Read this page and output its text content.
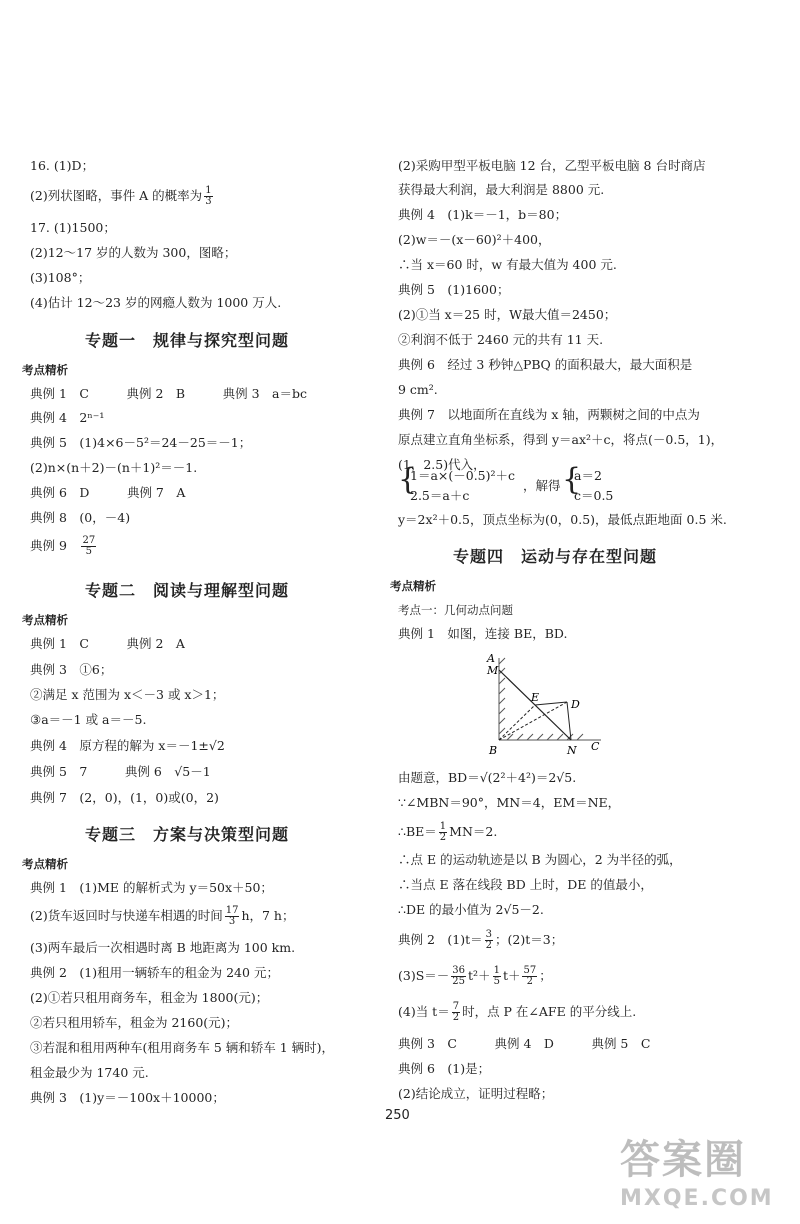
16. (1)D；
(2)列状图略，事件 A 的概率为 $\frac{1}{3}$
17. (1)1500；
(2)12～17 岁的人数为 300，图略；
(3)108°；
(4)估计 12～23 岁的网瘾人数为 1000 万人.
专题一　规律与探究型问题
考点精析
典例 1　C　　　典例 2　B　　　典例 3　a＝bc
典例 4　2ⁿ⁻¹
典例 5　(1)4×6－5²＝24－25＝－1；
(2)n×(n＋2)－(n＋1)²＝－1.
典例 6　D　　　典例 7　A
典例 8　(0，－4)
典例 9　 $\frac{27}{5}$
专题二　阅读与理解型问题
考点精析
典例 1　C　　　典例 2　A
典例 3　①6；
②满足 x 范围为 x＜－3 或 x＞1；
③a＝－1 或 a＝－5.
典例 4　原方程的解为 x＝－1±√2
典例 5　7　　　典例 6　√5－1
典例 7　(2，0)，(1，0)或(0，2)
专题三　方案与决策型问题
考点精析
典例 1　(1)ME 的解析式为 y＝50x＋50；
(2)货车返回时与快递车相遇的时间 $\frac{17}{3}$ h，7 h；
(3)两车最后一次相遇时离 B 地距离为 100 km.
典例 2　(1)租用一辆轿车的租金为 240 元；
(2)①若只租用商务车，租金为 1800(元)；
②若只租用轿车，租金为 2160(元)；
③若混和租用两种车(租用商务车 5 辆和轿车 1 辆时)，
租金最少为 1740 元.
典例 3　(1)y＝－100x＋10000；
(2)采购甲型平板电脑 12 台，乙型平板电脑 8 台时商店
获得最大利润，最大利润是 8800 元.
典例 4　(1)k＝－1，b＝80；
(2)w＝－(x－60)²＋400，
∴当 x＝60 时，w 有最大值为 400 元.
典例 5　(1)1600；
(2)①当 x＝25 时，W最大值＝2450；
②利润不低于 2460 元的共有 11 天.
典例 6　经过 3 秒钟△PBQ 的面积最大，最大面积是
9 cm².
典例 7　以地面所在直线为 x 轴，两颗树之间的中点为
原点建立直角坐标系，得到 y＝ax²＋c，将点(－0.5，1)，
(1，2.5)代入，
{
1＝a×(－0.5)²＋c
，解得 {
a＝2
2.5＝a＋c	c＝0.5
y＝2x²＋0.5，顶点坐标为(0，0.5)，最低点距地面 0.5 米.
专题四　运动与存在型问题
考点精析
考点一：几何动点问题
典例 1　如图，连接 BE，BD.
A
M
E
D
B	N C
由题意，BD＝√(2²＋4²)＝2√5.
∵∠MBN＝90°，MN＝4，EM＝NE，
∴BE＝ $\frac{1}{2} MN=2$.
∴点 E 的运动轨迹是以 B 为圆心，2 为半径的弧，
∴当点 E 落在线段 BD 上时，DE 的值最小，
∴DE 的最小值为 2√5－2.
典例 2　$(1)t= \frac{3}{2}$ ；(2)t＝3；
$(3)S=- \frac{36}{25} t^2+ \frac{1}{5} t+ \frac{57}{2}$ ；
(4)当 $t= \frac{7}{2}$ 时，点 P 在∠AFE 的平分线上.
典例 3　C　　　典例 4　D　　　典例 5　C
典例 6　(1)是；
(2)结论成立，证明过程略；
250
答案圈
MXQE.COM
